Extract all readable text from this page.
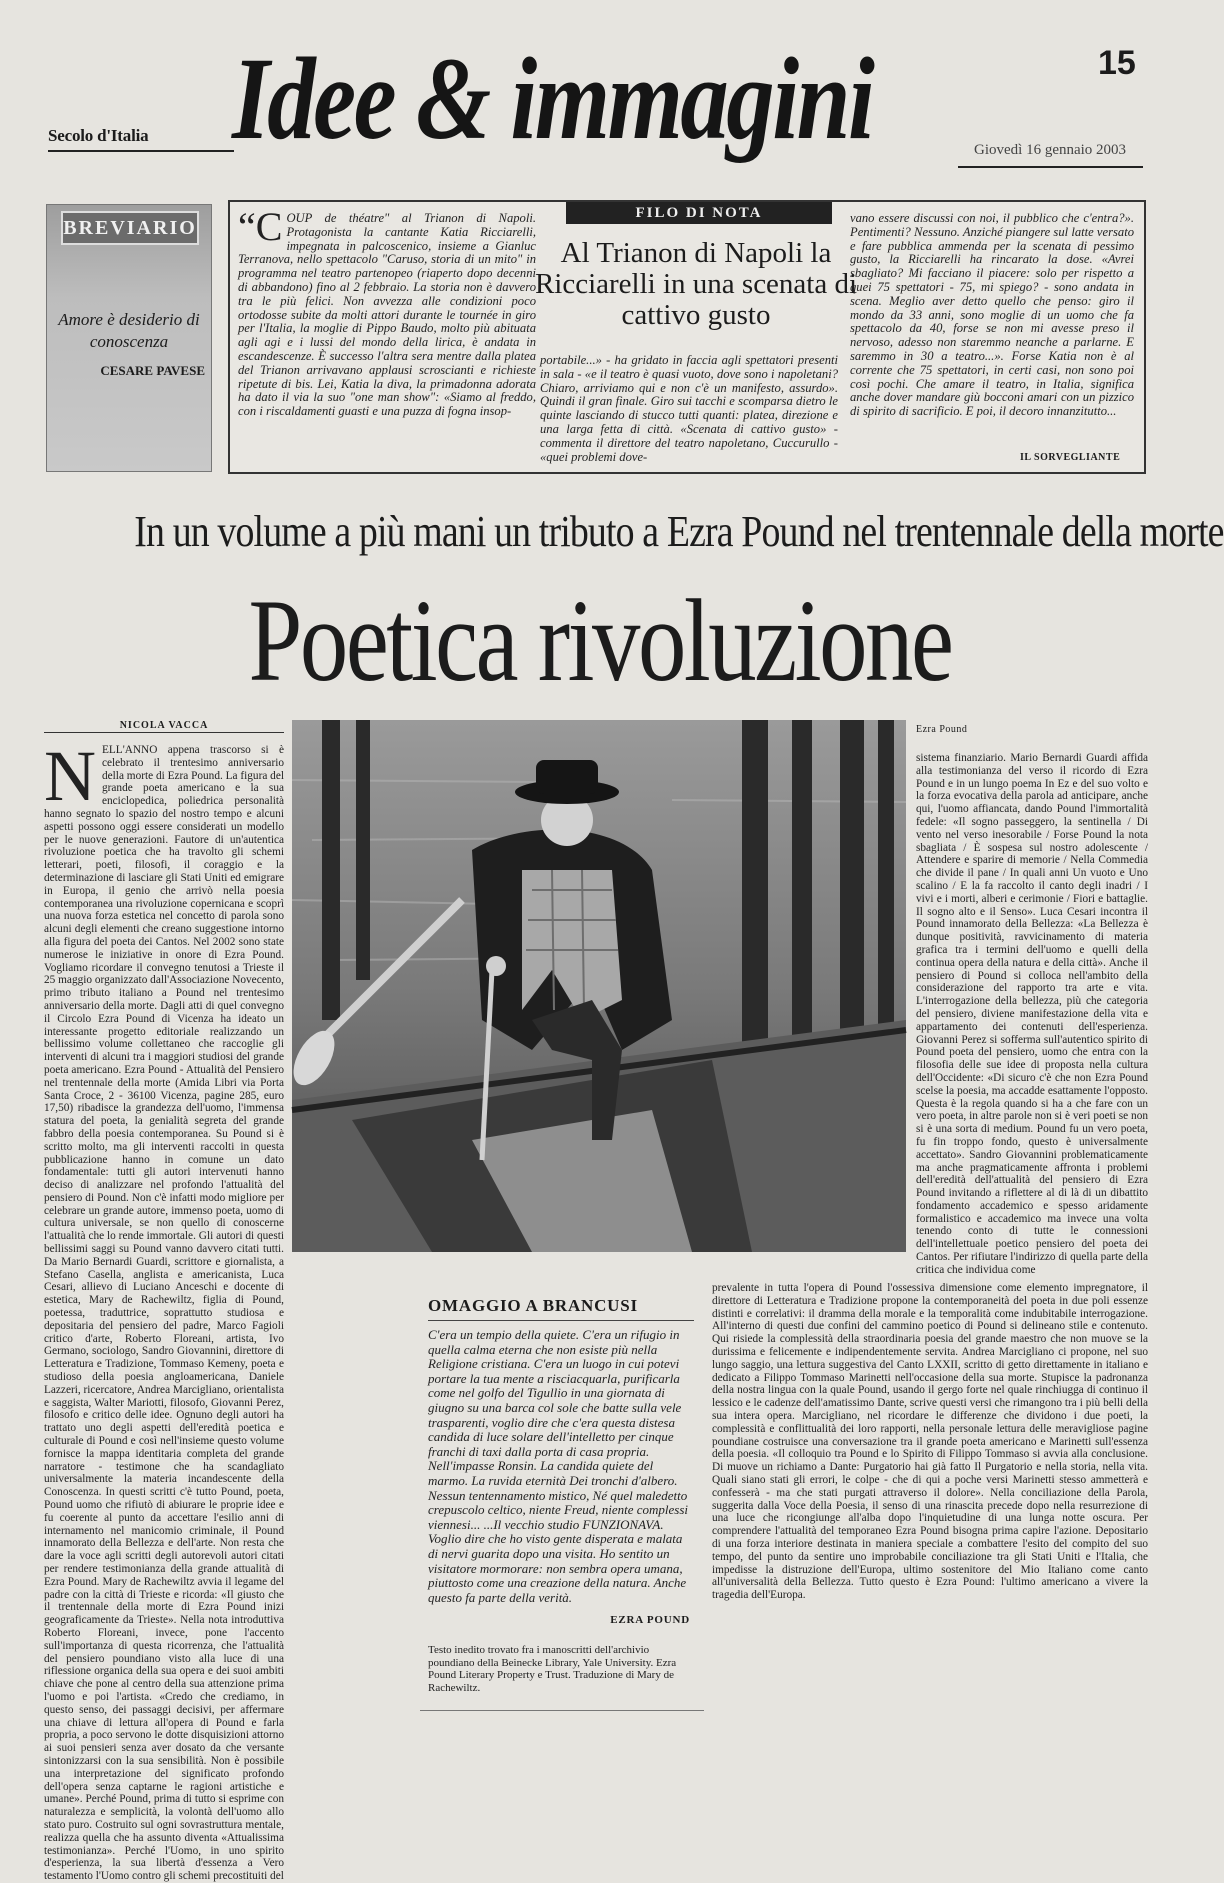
Secolo d'Italia Idee & immagini	Giovedì 16 gennaio 2003
15
BREVIARIO
Amore è desiderio di conoscenza
CESARE PAVESE
“COUP de théatre" al Trianon di Napoli. Protagonista la cantante Katia Ricciarelli, impegnata in palcoscenico, insieme a Gianluc Terranova, nello spettacolo "Caruso, storia di un mito" in programma nel teatro partenopeo (riaperto dopo decenni di abbandono) fino al 2 febbraio. La storia non è davvero tra le più felici. Non avvezza alle condizioni poco ortodosse subite da molti attori durante le tournée in giro per l'Italia, la moglie di Pippo Baudo, molto più abituata agli agi e i lussi del mondo della lirica, è andata in escandescenze. È successo l'altra sera mentre dalla platea del Trianon arrivavano applausi scroscianti e richieste ripetute di bis. Lei, Katia la diva, la primadonna adorata ha dato il via la suo "one man show": «Siamo al freddo, con i riscaldamenti guasti e una puzza di fogna insop-
FILO DI NOTA
Al Trianon di Napoli la Ricciarelli in una scenata di cattivo gusto
portabile...» - ha gridato in faccia agli spettatori presenti in sala - «e il teatro è quasi vuoto, dove sono i napoletani? Chiaro, arriviamo qui e non c'è un manifesto, assurdo». Quindi il gran finale. Giro sui tacchi e scomparsa dietro le quinte lasciando di stucco tutti quanti: platea, direzione e una larga fetta di città. «Scenata di cattivo gusto» - commenta il direttore del teatro napoletano, Cuccurullo - «quei problemi dove-
vano essere discussi con noi, il pubblico che c'entra?». Pentimenti? Nessuno. Anziché piangere sul latte versato e fare pubblica ammenda per la scenata di pessimo gusto, la Ricciarelli ha rincarato la dose. «Avrei sbagliato? Mi facciano il piacere: solo per rispetto a quei 75 spettatori - 75, mi spiego? - sono andata in scena. Meglio aver detto quello che penso: giro il mondo da 33 anni, sono moglie di un uomo che fa spettacolo da 40, forse se non mi avesse preso il nervoso, adesso non staremmo neanche a parlarne. E saremmo in 30 a teatro...». Forse Katia non è al corrente che 75 spettatori, in certi casi, non sono poi così pochi. Che amare il teatro, in Italia, significa anche dover mandare giù bocconi amari con un pizzico di spirito di sacrificio. E poi, il decoro innanzitutto...
IL SORVEGLIANTE
In un volume a più mani un tributo a Ezra Pound nel trentennale della morte
Poetica rivoluzione
NICOLA VACCA	Ezra Pound
NELL'ANNO appena trascorso si è celebrato il trentesimo anniversario della morte di Ezra Pound. La figura del grande poeta americano e la sua enciclopedica, poliedrica personalità hanno segnato lo spazio del nostro tempo e alcuni aspetti possono oggi essere considerati un modello per le nuove generazioni. Fautore di un'autentica rivoluzione poetica che ha travolto gli schemi letterari, poeti, filosofi, il coraggio e la determinazione di lasciare gli Stati Uniti ed emigrare in Europa, il genio che arrivò nella poesia contemporanea una rivoluzione copernicana e scoprì una nuova forza estetica nel concetto di parola sono alcuni degli elementi che creano suggestione intorno alla figura del poeta dei Cantos. Nel 2002 sono state numerose le iniziative in onore di Ezra Pound. Vogliamo ricordare il convegno tenutosi a Trieste il 25 maggio organizzato dall'Associazione Novecento, primo tributo italiano a Pound nel trentesimo anniversario della morte. Dagli atti di quel convegno il Circolo Ezra Pound di Vicenza ha ideato un interessante progetto editoriale realizzando un bellissimo volume collettaneo che raccoglie gli interventi di alcuni tra i maggiori studiosi del grande poeta americano. Ezra Pound - Attualità del Pensiero nel trentennale della morte (Amida Libri via Porta Santa Croce, 2 - 36100 Vicenza, pagine 285, euro 17,50) ribadisce la grandezza dell'uomo, l'immensa statura del poeta, la genialità segreta del grande fabbro della poesia contemporanea. Su Pound si è scritto molto, ma gli interventi raccolti in questa pubblicazione hanno in comune un dato fondamentale: tutti gli autori intervenuti hanno deciso di analizzare nel profondo l'attualità del pensiero di Pound. Non c'è infatti modo migliore per celebrare un grande autore, immenso poeta, uomo di cultura universale, se non quello di conoscerne l'attualità che lo rende immortale. Gli autori di questi bellissimi saggi su Pound vanno davvero citati tutti. Da Mario Bernardi Guardi, scrittore e giornalista, a Stefano Casella, anglista e americanista, Luca Cesari, allievo di Luciano Anceschi e docente di estetica, Mary de Rachewiltz, figlia di Pound, poetessa, traduttrice, soprattutto studiosa e depositaria del pensiero del padre, Marco Fagioli critico d'arte, Roberto Floreani, artista, Ivo Germano, sociologo, Sandro Giovannini, direttore di Letteratura e Tradizione, Tommaso Kemeny, poeta e studioso della poesia angloamericana, Daniele Lazzeri, ricercatore, Andrea Marcigliano, orientalista e saggista, Walter Mariotti, filosofo, Giovanni Perez, filosofo e critico delle idee. Ognuno degli autori ha trattato uno degli aspetti dell'eredità poetica e culturale di Pound e così nell'insieme questo volume fornisce la mappa identitaria completa del grande narratore - testimone che ha scandagliato universalmente la materia incandescente della Conoscenza. In questi scritti c'è tutto Pound, poeta, Pound uomo che rifiutò di abiurare le proprie idee e fu coerente al punto da accettare l'esilio anni di internamento nel manicomio criminale, il Pound innamorato della Bellezza e dell'arte. Non resta che dare la voce agli scritti degli autorevoli autori citati per rendere testimonianza della grande attualità di Ezra Pound. Mary de Rachewiltz avvia il legame del padre con la città di Trieste e ricorda: «Il giusto che il trentennale della morte di Ezra Pound inizi geograficamente da Trieste». Nella nota introduttiva Roberto Floreani, invece, pone l'accento sull'importanza di questa ricorrenza, che l'attualità del pensiero poundiano visto alla luce di una riflessione organica della sua opera e dei suoi ambiti chiave che pone al centro della sua attenzione prima l'uomo e poi l'artista. «Credo che crediamo, in questo senso, dei passaggi decisivi, per affermare una chiave di lettura all'opera di Pound e farla propria, a poco servono le dotte disquisizioni attorno ai suoi pensieri senza aver dosato da che versante sintonizzarsi con la sua sensibilità. Non è possibile una interpretazione del significato profondo dell'opera senza captarne le ragioni artistiche e umane». Perché Pound, prima di tutto si esprime con naturalezza e semplicità, la volontà dell'uomo allo stato puro. Costruito sul ogni sovrastruttura mentale, realizza quella che ha assunto diventa «Attualissima testimonianza». Perché l'Uomo, in uno spirito d'esperienza, la sua libertà d'essenza a Vero testamento l'Uomo contro gli schemi precostituiti del
sistema finanziario. Mario Bernardi Guardi affida alla testimonianza del verso il ricordo di Ezra Pound e in un lungo poema In Ez e del suo volto e la forza evocativa della parola ad anticipare, anche qui, l'uomo affiancata, dando Pound l'immortalità fedele: «Il sogno passeggero, la sentinella / Di vento nel verso inesorabile / Forse Pound la nota sbagliata / È sospesa sul nostro adolescente / Attendere e sparire di memorie / Nella Commedia che divide il pane / In quali anni Un vuoto e Uno scalino / E la fa raccolto il canto degli inadri / I vivi e i morti, alberi e cerimonie / Fiori e battaglie. Il sogno alto e il Senso». Luca Cesari incontra il Pound innamorato della Bellezza: «La Bellezza è dunque positività, ravvicinamento di materia grafica tra i termini dell'uomo e quelli della continua opera della natura e della città». Anche il pensiero di Pound si colloca nell'ambito della considerazione del rapporto tra arte e vita. L'interrogazione della bellezza, più che categoria del pensiero, diviene manifestazione della vita e appartamento dei contenuti dell'esperienza. Giovanni Perez si sofferma sull'autentico spirito di Pound poeta del pensiero, uomo che entra con la filosofia delle sue idee di proposta nella cultura dell'Occidente: «Di sicuro c'è che non Ezra Pound scelse la poesia, ma accadde esattamente l'opposto. Questa è la regola quando si ha a che fare con un vero poeta, in altre parole non si è veri poeti se non si è una sorta di medium. Pound fu un vero poeta, fu fin troppo fondo, questo è universalmente accettato». Sandro Giovannini problematicamente ma anche pragmaticamente affronta i problemi dell'eredità dell'attualità del pensiero di Ezra Pound invitando a riflettere al di là di un dibattito fondamento accademico e spesso aridamente formalistico e accademico ma invece una volta tenendo conto di tutte le connessioni dell'intellettuale poetico pensiero del poeta dei Cantos. Per rifiutare l'indirizzo di quella parte della critica che individua come
prevalente in tutta l'opera di Pound l'ossessiva dimensione come elemento impregnatore, il direttore di Letteratura e Tradizione propone la contemporaneità del poeta in due poli essenze distinti e correlativi: il dramma della morale e la temporalità come indubitabile interrogazione. All'interno di questi due confini del cammino poetico di Pound si delineano stile e contenuto. Qui risiede la complessità della straordinaria poesia del grande maestro che non muove se la durissima e felicemente e indipendentemente servita. Andrea Marcigliano ci propone, nel suo lungo saggio, una lettura suggestiva del Canto LXXII, scritto di getto direttamente in italiano e dedicato a Filippo Tommaso Marinetti nell'occasione della sua morte. Stupisce la padronanza della nostra lingua con la quale Pound, usando il gergo forte nel quale rinchiugga di continuo il lessico e le cadenze dell'amatissimo Dante, scrive questi versi che rimangono tra i più belli della sua intera opera. Marcigliano, nel ricordare le differenze che dividono i due poeti, la complessità e conflittualità dei loro rapporti, nella personale lettura delle meravigliose pagine poundiane costruisce una conversazione tra il grande poeta americano e Marinetti sull'essenza della poesia. «Il colloquio tra Pound e lo Spirito di Filippo Tommaso si avvia alla conclusione. Di muove un richiamo a Dante: Purgatorio hai già fatto Il Purgatorio e nella storia, nella vita. Quali siano stati gli errori, le colpe - che di qui a poche versi Marinetti stesso ammetterà e confesserà - ma che stati purgati attraverso il dolore». Nella conciliazione della Parola, suggerita dalla Voce della Poesia, il senso di una rinascita precede dopo nella resurrezione di una luce che ricongiunge all'alba dopo l'inquietudine di una lunga notte oscura. Per comprendere l'attualità del temporaneo Ezra Pound bisogna prima capire l'azione. Depositario di una forza interiore destinata in maniera speciale a combattere l'esito del compito del suo tempo, del punto da sentire uno improbabile conciliazione tra gli Stati Uniti e l'Italia, che impedisse la distruzione dell'Europa, ultimo sostenitore del Mio Italiano come canto all'universalità della Bellezza. Tutto questo è Ezra Pound: l'ultimo americano a vivere la tragedia dell'Europa.
OMAGGIO A BRANCUSI
C'era un tempio della quiete. C'era un rifugio in quella calma eterna che non esiste più nella Religione cristiana. C'era un luogo in cui potevi portare la tua mente a risciacquarla, purificarla come nel golfo del Tigullio in una giornata di giugno su una barca col sole che batte sulla vele trasparenti, voglio dire che c'era questa distesa candida di luce solare dell'intelletto per cinque franchi di taxi dalla porta di casa propria. Nell'impasse Ronsin. La candida quiete del marmo. La ruvida eternità Dei tronchi d'albero. Nessun tentennamento mistico, Né quel maledetto crepuscolo celtico, niente Freud, niente complessi viennesi... ...Il vecchio studio FUNZIONAVA. Voglio dire che ho visto gente disperata e malata di nervi guarita dopo una visita. Ho sentito un visitatore mormorare: non sembra opera umana, piuttosto come una creazione della natura. Anche questo fa parte della verità.
EZRA POUND
Testo inedito trovato fra i manoscritti dell'archivio poundiano della Beinecke Library, Yale University. Ezra Pound Literary Property e Trust. Traduzione di Mary de Rachewiltz.
